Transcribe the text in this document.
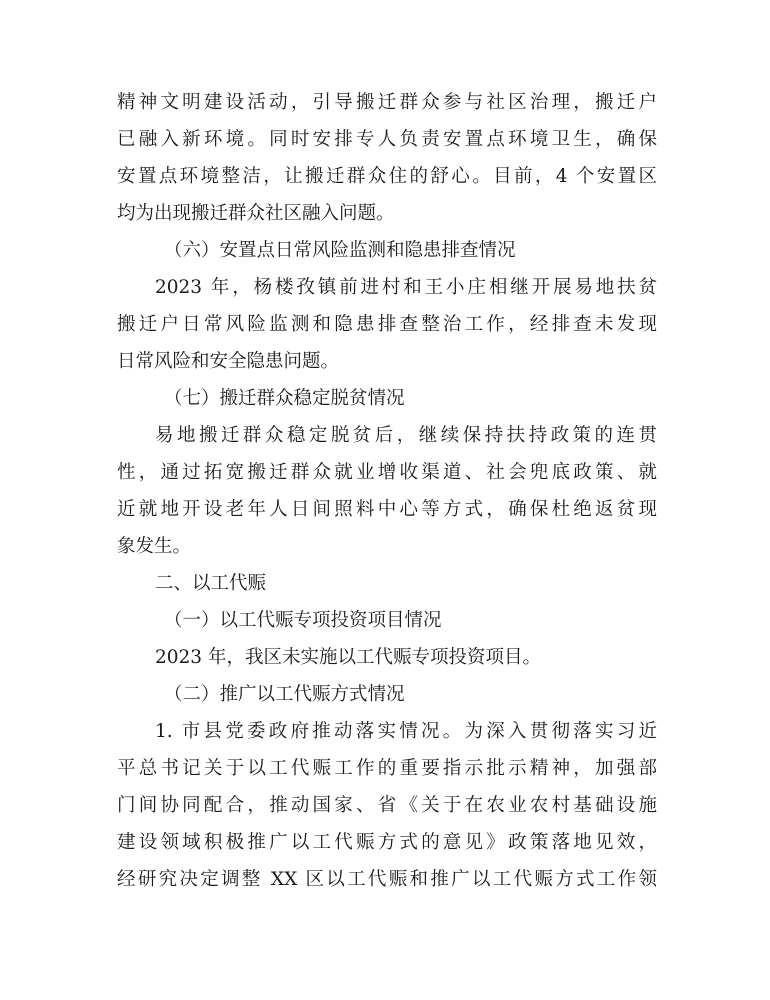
精神文明建设活动，引导搬迁群众参与社区治理，搬迁户
已融入新环境。同时安排专人负责安置点环境卫生，确保
安置点环境整洁，让搬迁群众住的舒心。目前，4 个安置区
均为出现搬迁群众社区融入问题。
（六）安置点日常风险监测和隐患排查情况
2023 年，杨楼孜镇前进村和王小庄相继开展易地扶贫
搬迁户日常风险监测和隐患排查整治工作，经排查未发现
日常风险和安全隐患问题。
（七）搬迁群众稳定脱贫情况
易地搬迁群众稳定脱贫后，继续保持扶持政策的连贯
性，通过拓宽搬迁群众就业增收渠道、社会兜底政策、就
近就地开设老年人日间照料中心等方式，确保杜绝返贫现
象发生。
二、以工代赈
（一）以工代赈专项投资项目情况
2023 年，我区未实施以工代赈专项投资项目。
（二）推广以工代赈方式情况
1. 市县党委政府推动落实情况。为深入贯彻落实习近
平总书记关于以工代赈工作的重要指示批示精神，加强部
门间协同配合，推动国家、省《关于在农业农村基础设施
建设领域积极推广以工代赈方式的意见》政策落地见效，
经研究决定调整 XX 区以工代赈和推广以工代赈方式工作领
